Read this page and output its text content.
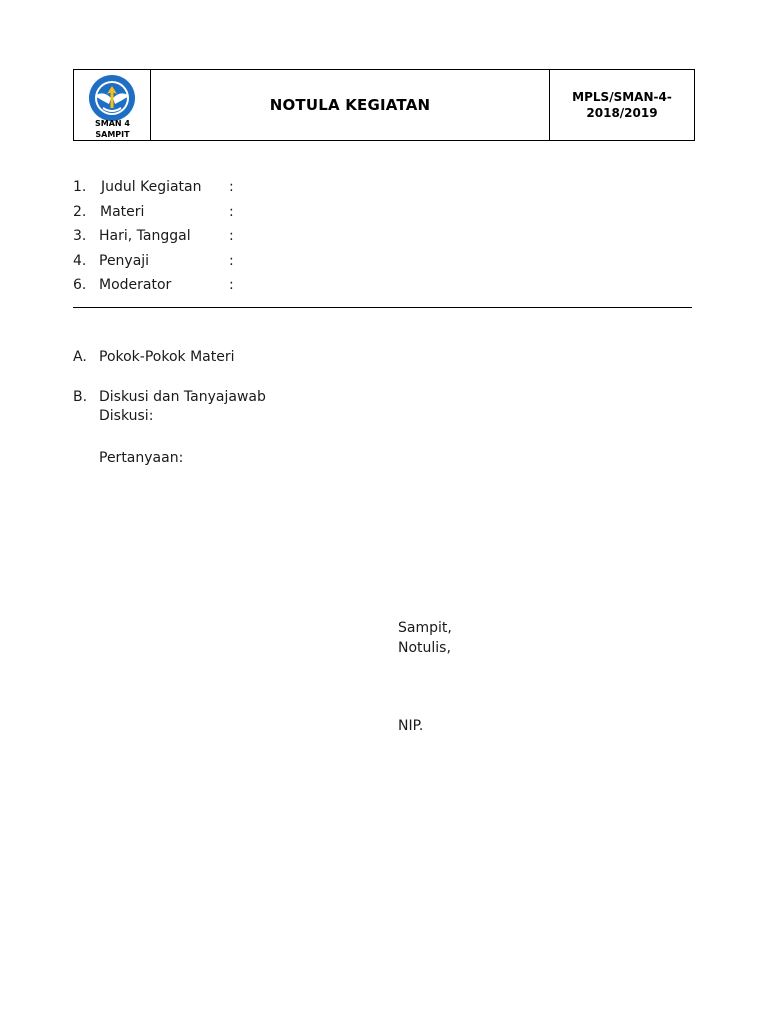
SMAN 4
SAMPIT
NOTULA KEGIATAN	MPLS/SMAN-4-
2018/2019
1. Judul Kegiatan :
2. Materi	:
3. Hari, Tanggal	:
4. Penyaji	:
6. Moderator	:
A. Pokok-Pokok Materi
B. Diskusi dan Tanyajawab
Diskusi:
Pertanyaan:
Sampit,
Notulis,
NIP.
